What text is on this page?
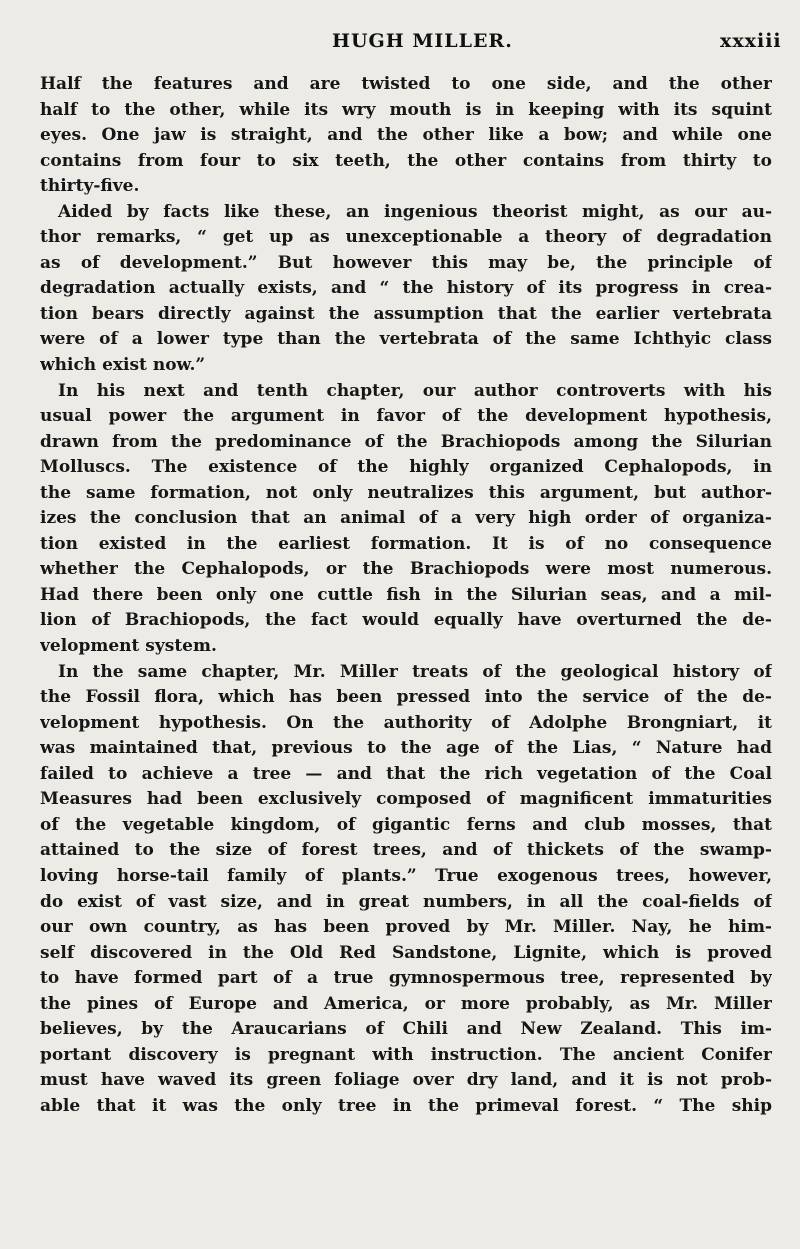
HUGH MILLER.	xxxiii
Half the features and are twisted to one side, and the other
half to the other, while its wry mouth is in keeping with its squint
eyes. One jaw is straight, and the other like a bow; and while one
contains from four to six teeth, the other contains from thirty to
thirty-five.
Aided by facts like these, an ingenious theorist might, as our au-
thor remarks, “ get up as unexceptionable a theory of degradation
as of development.” But however this may be, the principle of
degradation actually exists, and “ the history of its progress in crea-
tion bears directly against the assumption that the earlier vertebrata
were of a lower type than the vertebrata of the same Ichthyic class
which exist now.”
In his next and tenth chapter, our author controverts with his
usual power the argument in favor of the development hypothesis,
drawn from the predominance of the Brachiopods among the Silurian
Molluscs. The existence of the highly organized Cephalopods, in
the same formation, not only neutralizes this argument, but author-
izes the conclusion that an animal of a very high order of organiza-
tion existed in the earliest formation. It is of no consequence
whether the Cephalopods, or the Brachiopods were most numerous.
Had there been only one cuttle fish in the Silurian seas, and a mil-
lion of Brachiopods, the fact would equally have overturned the de-
velopment system.
In the same chapter, Mr. Miller treats of the geological history of
the Fossil flora, which has been pressed into the service of the de-
velopment hypothesis. On the authority of Adolphe Brongniart, it
was maintained that, previous to the age of the Lias, “ Nature had
failed to achieve a tree — and that the rich vegetation of the Coal
Measures had been exclusively composed of magnificent immaturities
of the vegetable kingdom, of gigantic ferns and club mosses, that
attained to the size of forest trees, and of thickets of the swamp-
loving horse-tail family of plants.” True exogenous trees, however,
do exist of vast size, and in great numbers, in all the coal-fields of
our own country, as has been proved by Mr. Miller. Nay, he him-
self discovered in the Old Red Sandstone, Lignite, which is proved
to have formed part of a true gymnospermous tree, represented by
the pines of Europe and America, or more probably, as Mr. Miller
believes, by the Araucarians of Chili and New Zealand. This im-
portant discovery is pregnant with instruction. The ancient Conifer
must have waved its green foliage over dry land, and it is not prob-
able that it was the only tree in the primeval forest. “ The ship
